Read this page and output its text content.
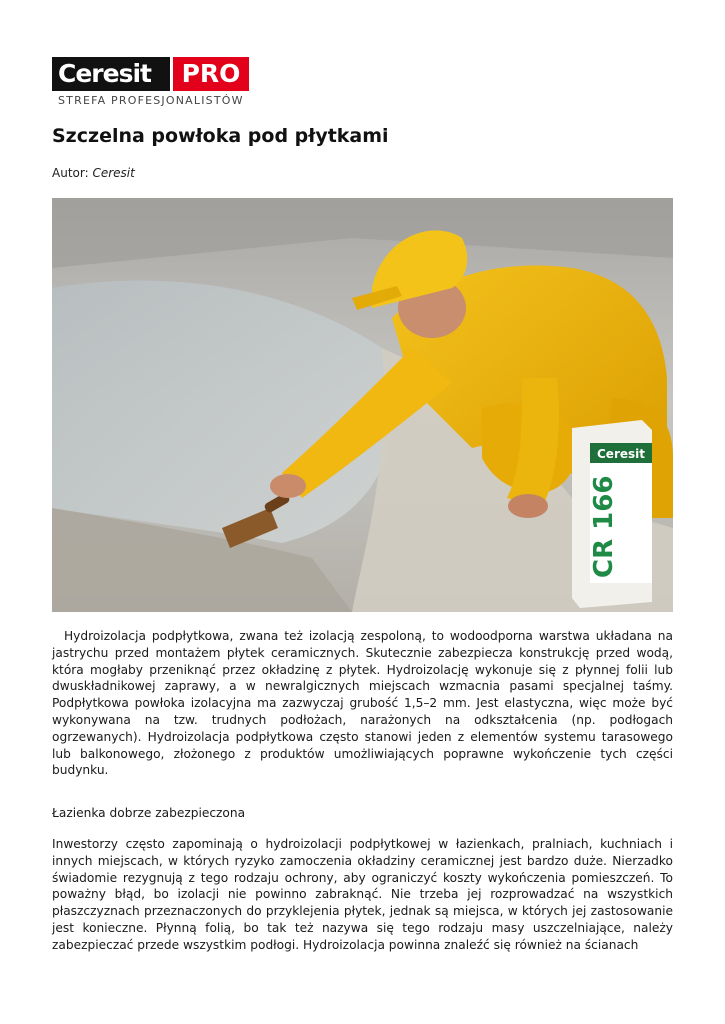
Ceresit	PRO
STREFA PROFESJONALISTÓW
Szczelna powłoka pod płytkami
Autor: Ceresit
Ceresit
CR 166

Hydroizolacja podpłytkowa, zwana też izolacją zespoloną, to wodoodporna warstwa układana na jastrychu przed montażem płytek ceramicznych. Skutecznie zabezpiecza konstrukcję przed wodą, która mogłaby przeniknąć przez okładzinę z płytek. Hydroizolację wykonuje się z płynnej folii lub dwuskładnikowej zaprawy, a w newralgicznych miejscach wzmacnia pasami specjalnej taśmy. Podpłytkowa powłoka izolacyjna ma zazwyczaj grubość 1,5–2 mm. Jest elastyczna, więc może być wykonywana na tzw. trudnych podłożach, narażonych na odkształcenia (np. podłogach ogrzewanych). Hydroizolacja podpłytkowa często stanowi jeden z elementów systemu tarasowego lub balkonowego, złożonego z produktów umożliwiających poprawne wykończenie tych części budynku.

Łazienka dobrze zabezpieczona

Inwestorzy często zapominają o hydroizolacji podpłytkowej w łazienkach, pralniach, kuchniach i innych miejscach, w których ryzyko zamoczenia okładziny ceramicznej jest bardzo duże. Nierzadko świadomie rezygnują z tego rodzaju ochrony, aby ograniczyć koszty wykończenia pomieszczeń. To poważny błąd, bo izolacji nie powinno zabraknąć. Nie trzeba jej rozprowadzać na wszystkich płaszczyznach przeznaczonych do przyklejenia płytek, jednak są miejsca, w których jej zastosowanie jest konieczne. Płynną folią, bo tak też nazywa się tego rodzaju masy uszczelniające, należy zabezpieczać przede wszystkim podłogi. Hydroizolacja powinna znaleźć się również na ścianach
